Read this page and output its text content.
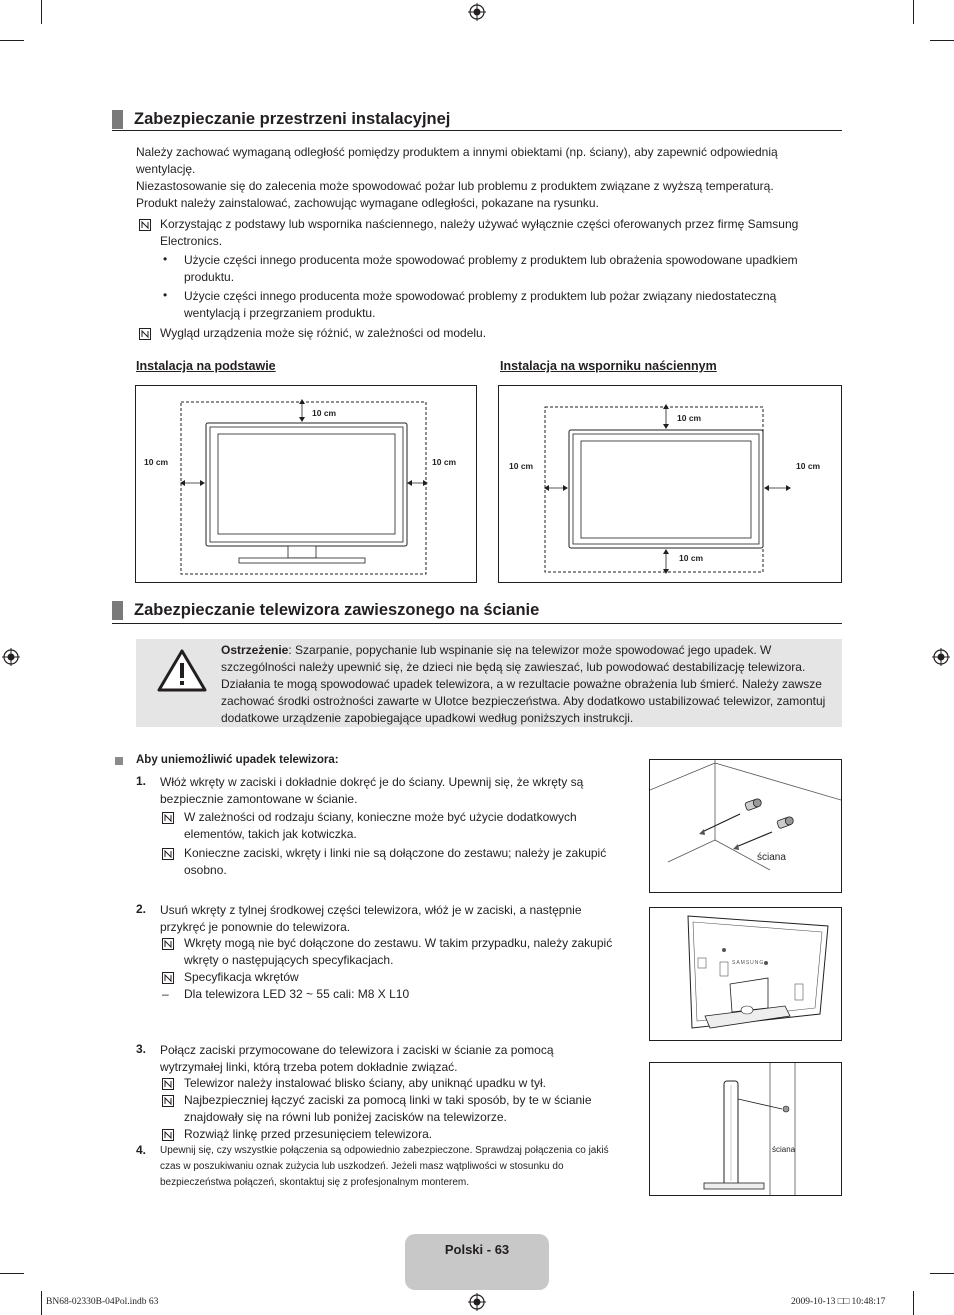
Zabezpieczanie przestrzeni instalacyjnej
Należy zachować wymaganą odległość pomiędzy produktem a innymi obiektami (np. ściany), aby zapewnić odpowiednią wentylację.
Niezastosowanie się do zalecenia może spowodować pożar lub problemu z produktem związane z wyższą temperaturą. Produkt należy zainstalować, zachowując wymagane odległości, pokazane na rysunku.
Korzystając z podstawy lub wspornika naściennego, należy używać wyłącznie części oferowanych przez firmę Samsung Electronics.
• Użycie części innego producenta może spowodować problemy z produktem lub obrażenia spowodowane upadkiem produktu.
• Użycie części innego producenta może spowodować problemy z produktem lub pożar związany niedostateczną wentylacją i przegrzaniem produktu.
Wygląd urządzenia może się różnić, w zależności od modelu.
Instalacja na podstawie	Instalacja na wsporniku naściennym
10 cm
10 cm	10 cm
10 cm
10 cm	10 cm
10 cm
Zabezpieczanie telewizora zawieszonego na ścianie
Ostrzeżenie: Szarpanie, popychanie lub wspinanie się na telewizor może spowodować jego upadek. W szczególności należy upewnić się, że dzieci nie będą się zawieszać, lub powodować destabilizację telewizora. Działania te mogą spowodować upadek telewizora, a w rezultacie poważne obrażenia lub śmierć. Należy zawsze zachować środki ostrożności zawarte w Ulotce bezpieczeństwa. Aby dodatkowo ustabilizować telewizor, zamontuj dodatkowe urządzenie zapobiegające upadkowi według poniższych instrukcji.
Aby uniemożliwić upadek telewizora:
1. Włóż wkręty w zaciski i dokładnie dokręć je do ściany. Upewnij się, że wkręty są bezpiecznie zamontowane w ścianie.
W zależności od rodzaju ściany, konieczne może być użycie dodatkowych elementów, takich jak kotwiczka.
Konieczne zaciski, wkręty i linki nie są dołączone do zestawu; należy je zakupić osobno.
2. Usuń wkręty z tylnej środkowej części telewizora, włóż je w zaciski, a następnie przykręć je ponownie do telewizora.
Wkręty mogą nie być dołączone do zestawu. W takim przypadku, należy zakupić wkręty o następujących specyfikacjach.
Specyfikacja wkrętów
– Dla telewizora LED 32 ~ 55 cali: M8 X L10
3. Połącz zaciski przymocowane do telewizora i zaciski w ścianie za pomocą wytrzymałej linki, którą trzeba potem dokładnie związać.
Telewizor należy instalować blisko ściany, aby uniknąć upadku w tył.
Najbezpieczniej łączyć zaciski za pomocą linki w taki sposób, by te w ścianie znajdowały się na równi lub poniżej zacisków na telewizorze.
Rozwiąż linkę przed przesunięciem telewizora.
4. Upewnij się, czy wszystkie połączenia są odpowiednio zabezpieczone. Sprawdzaj połączenia co jakiś czas w poszukiwaniu oznak zużycia lub uszkodzeń. Jeżeli masz wątpliwości w stosunku do bezpieczeństwa połączeń, skontaktuj się z profesjonalnym monterem.
ściana
SAMSUNG
ściana
Polski - 63
BN68-02330B-04Pol.indb 63	2009-10-13 □□ 10:48:17
